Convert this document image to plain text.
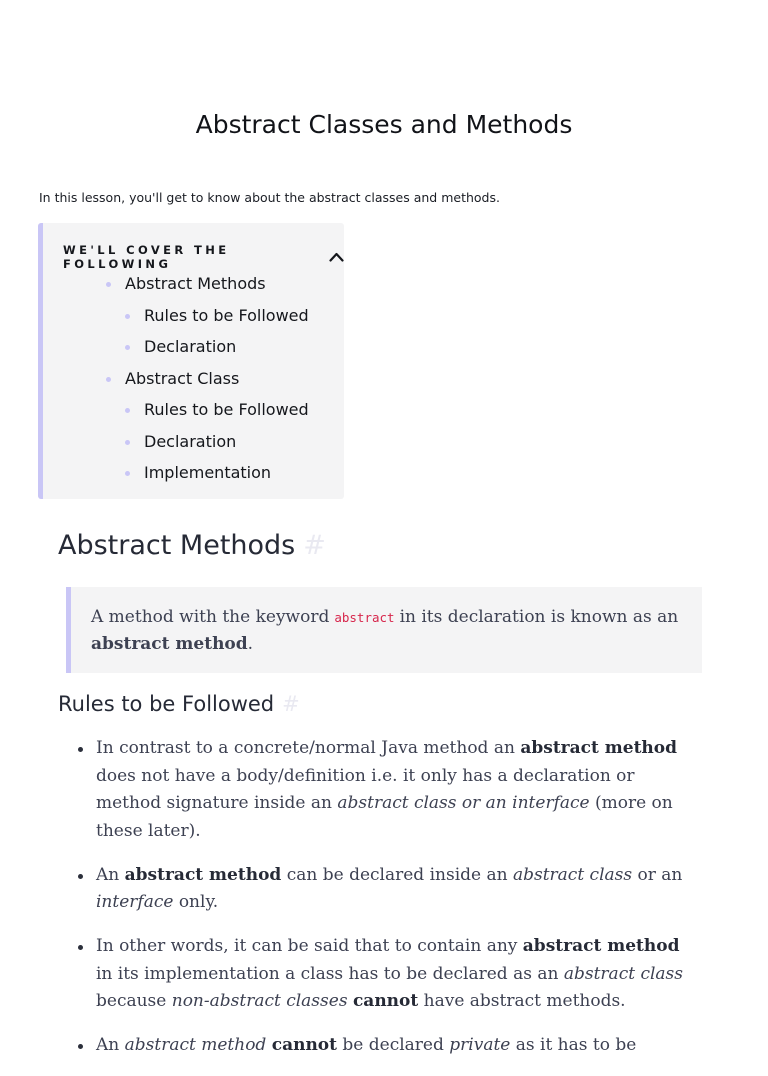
Abstract Classes and Methods

In this lesson, you'll get to know about the abstract classes and methods.

WE'LL COVER THE FOLLOWING
Abstract Methods
Rules to be Followed
Declaration
Abstract Class
Rules to be Followed
Declaration
Implementation
Abstract Methods #
A method with the keyword abstract in its declaration is known as an abstract method.
Rules to be Followed #
In contrast to a concrete/normal Java method an abstract method does not have a body/definition i.e. it only has a declaration or method signature inside an abstract class or an interface (more on these later).
An abstract method can be declared inside an abstract class or an interface only.
In other words, it can be said that to contain any abstract method in its implementation a class has to be declared as an abstract class because non-abstract classes cannot have abstract methods.
An abstract method cannot be declared private as it has to be
